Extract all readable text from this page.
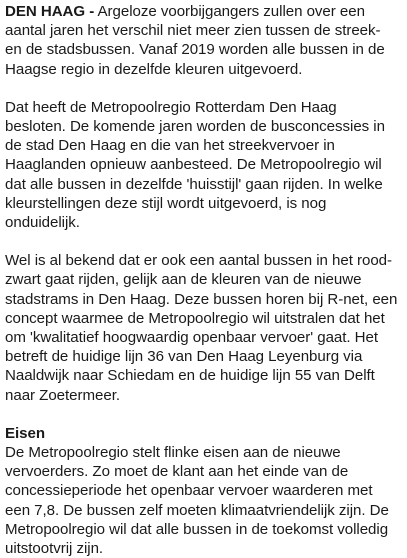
DEN HAAG - Argeloze voorbijgangers zullen over een aantal jaren het verschil niet meer zien tussen de streek- en de stadsbussen. Vanaf 2019 worden alle bussen in de Haagse regio in dezelfde kleuren uitgevoerd.

Dat heeft de Metropoolregio Rotterdam Den Haag besloten. De komende jaren worden de busconcessies in de stad Den Haag en die van het streekvervoer in Haaglanden opnieuw aanbesteed. De Metropoolregio wil dat alle bussen in dezelfde 'huisstijl' gaan rijden. In welke kleurstellingen deze stijl wordt uitgevoerd, is nog onduidelijk.

Wel is al bekend dat er ook een aantal bussen in het rood-zwart gaat rijden, gelijk aan de kleuren van de nieuwe stadstrams in Den Haag. Deze bussen horen bij R-net, een concept waarmee de Metropoolregio wil uitstralen dat het om 'kwalitatief hoogwaardig openbaar vervoer' gaat. Het betreft de huidige lijn 36 van Den Haag Leyenburg via Naaldwijk naar Schiedam en de huidige lijn 55 van Delft naar Zoetermeer.

Eisen

De Metropoolregio stelt flinke eisen aan de nieuwe vervoerders. Zo moet de klant aan het einde van de concessieperiode het openbaar vervoer waarderen met een 7,8. De bussen zelf moeten klimaatvriendelijk zijn. De Metropoolregio wil dat alle bussen in de toekomst volledig uitstootvrij zijn.
